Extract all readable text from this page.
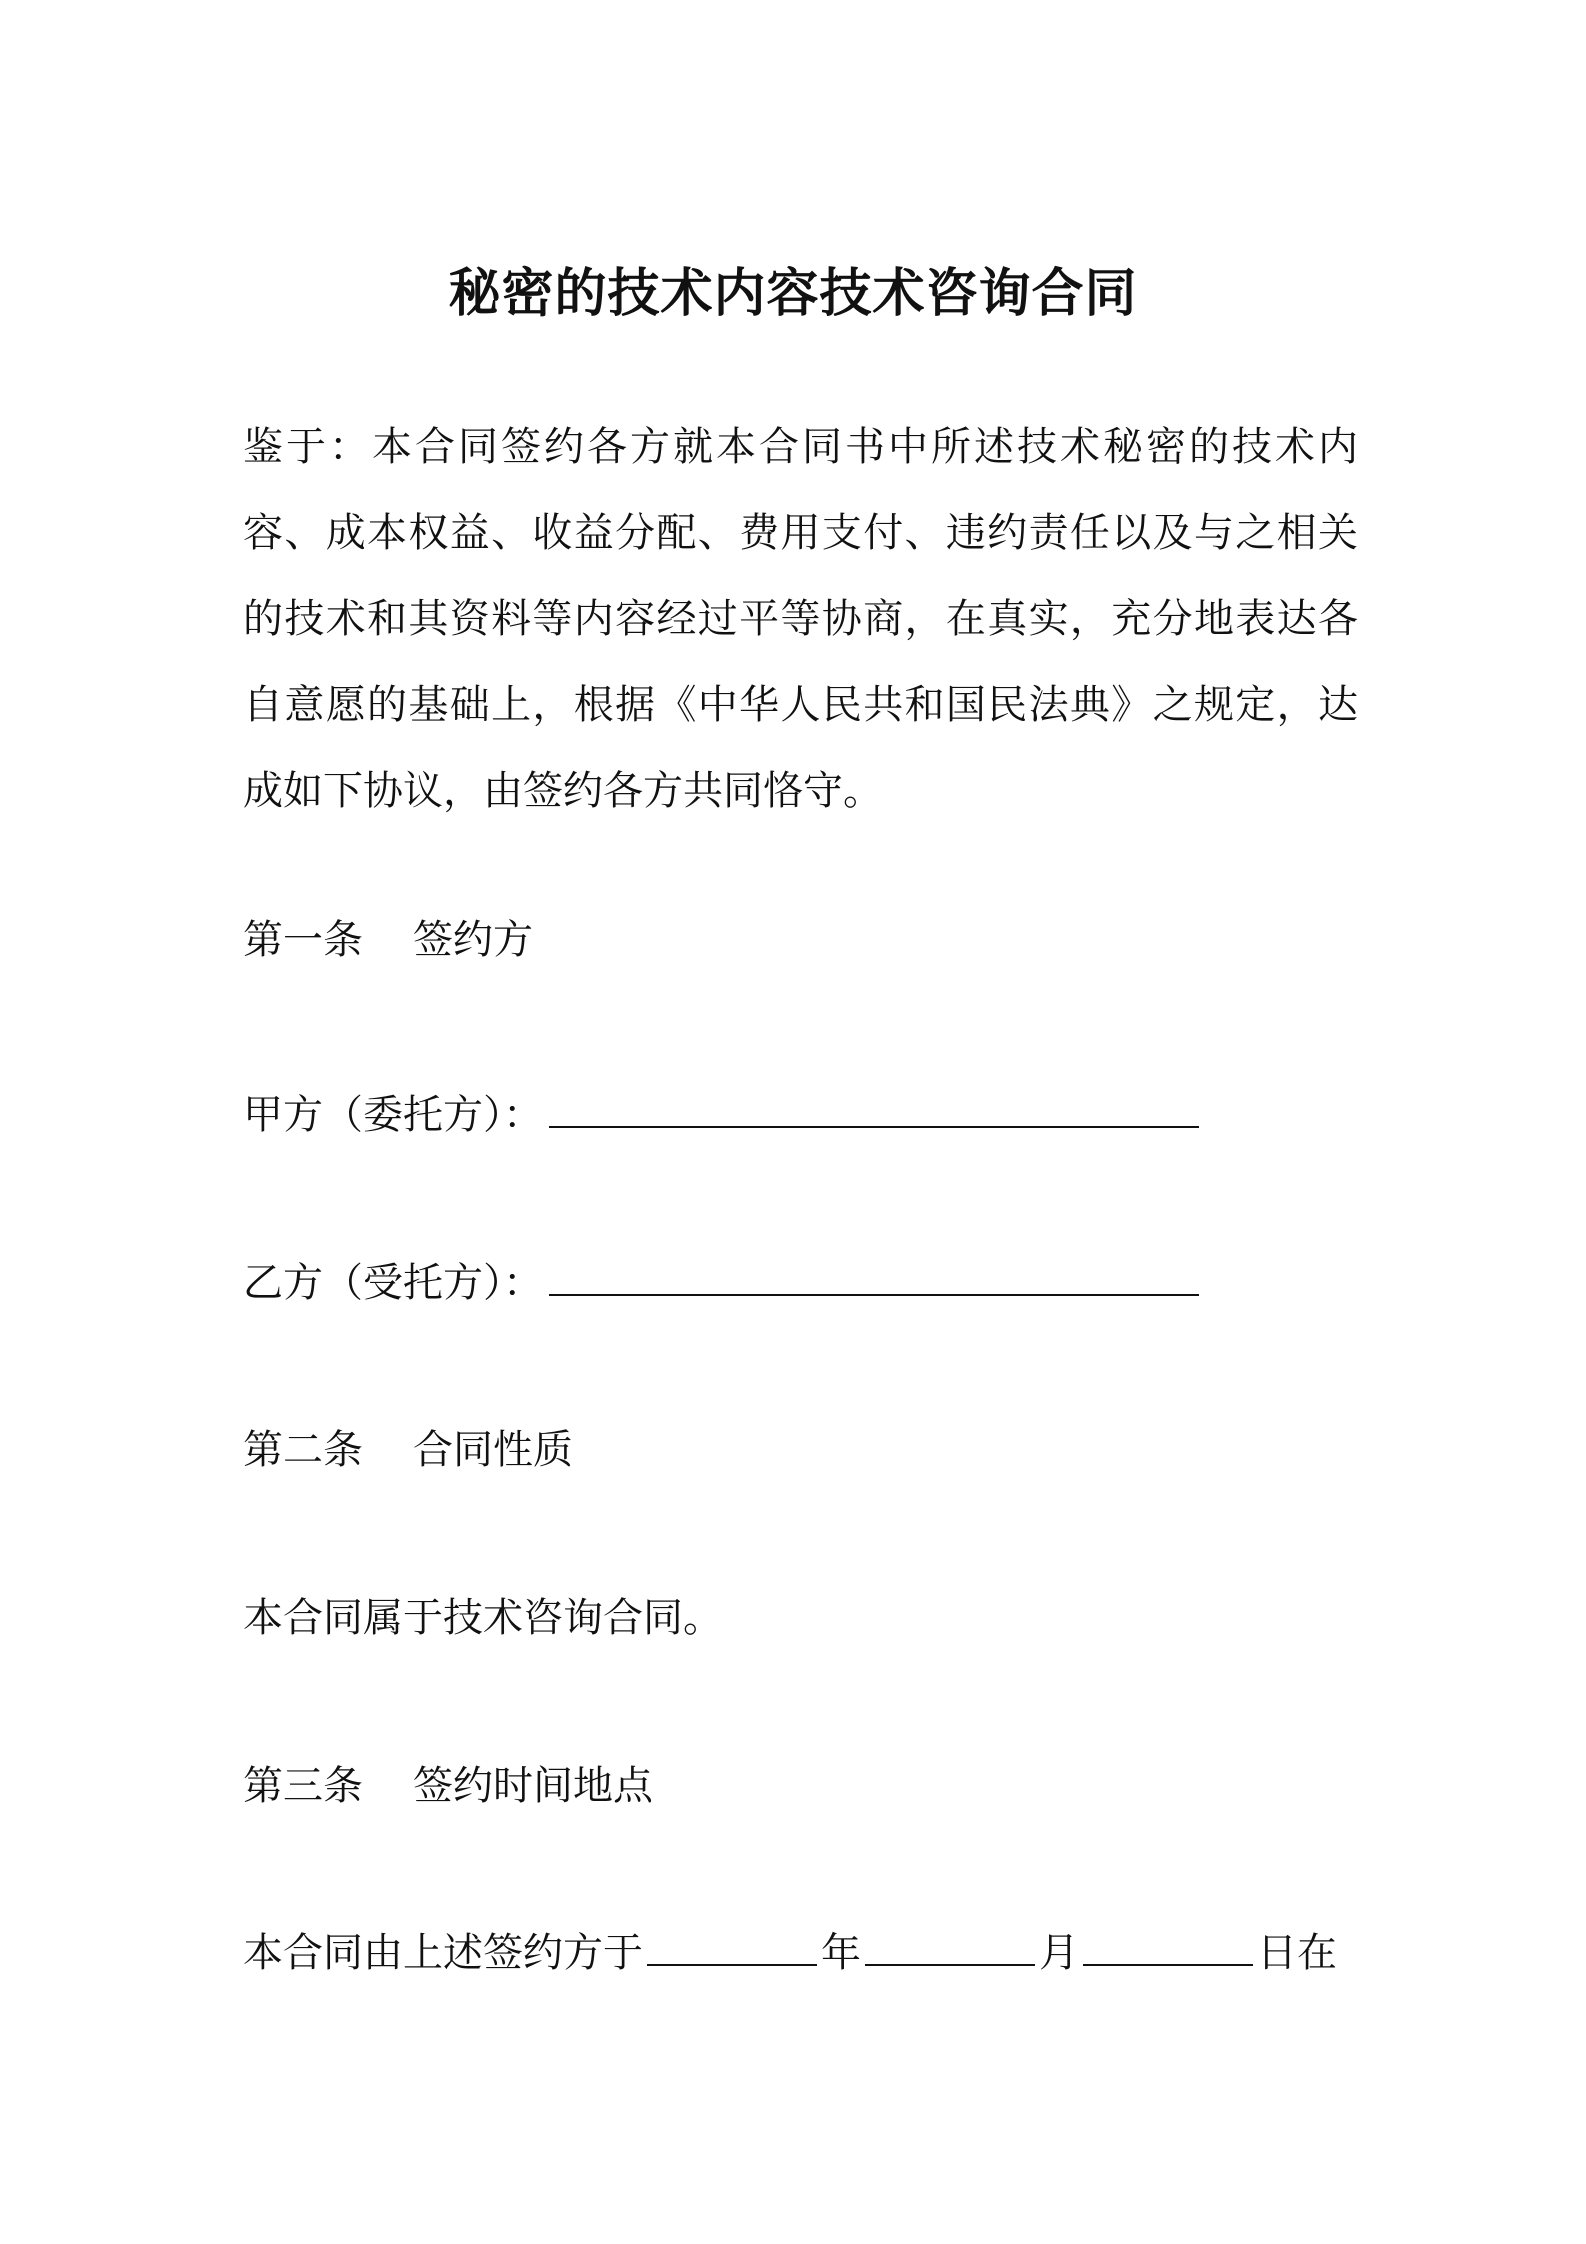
秘密的技术内容技术咨询合同
鉴于：本合同签约各方就本合同书中所述技术秘密的技术内容、成本权益、收益分配、费用支付、违约责任以及与之相关的技术和其资料等内容经过平等协商，在真实，充分地表达各自意愿的基础上，根据《中华人民共和国民法典》之规定，达成如下协议，由签约各方共同恪守。
第一条 签约方
甲方（委托方）：
乙方（受托方）：
第二条 合同性质
本合同属于技术咨询合同。
第三条 签约时间地点
本合同由上述签约方于	年	月	日在
